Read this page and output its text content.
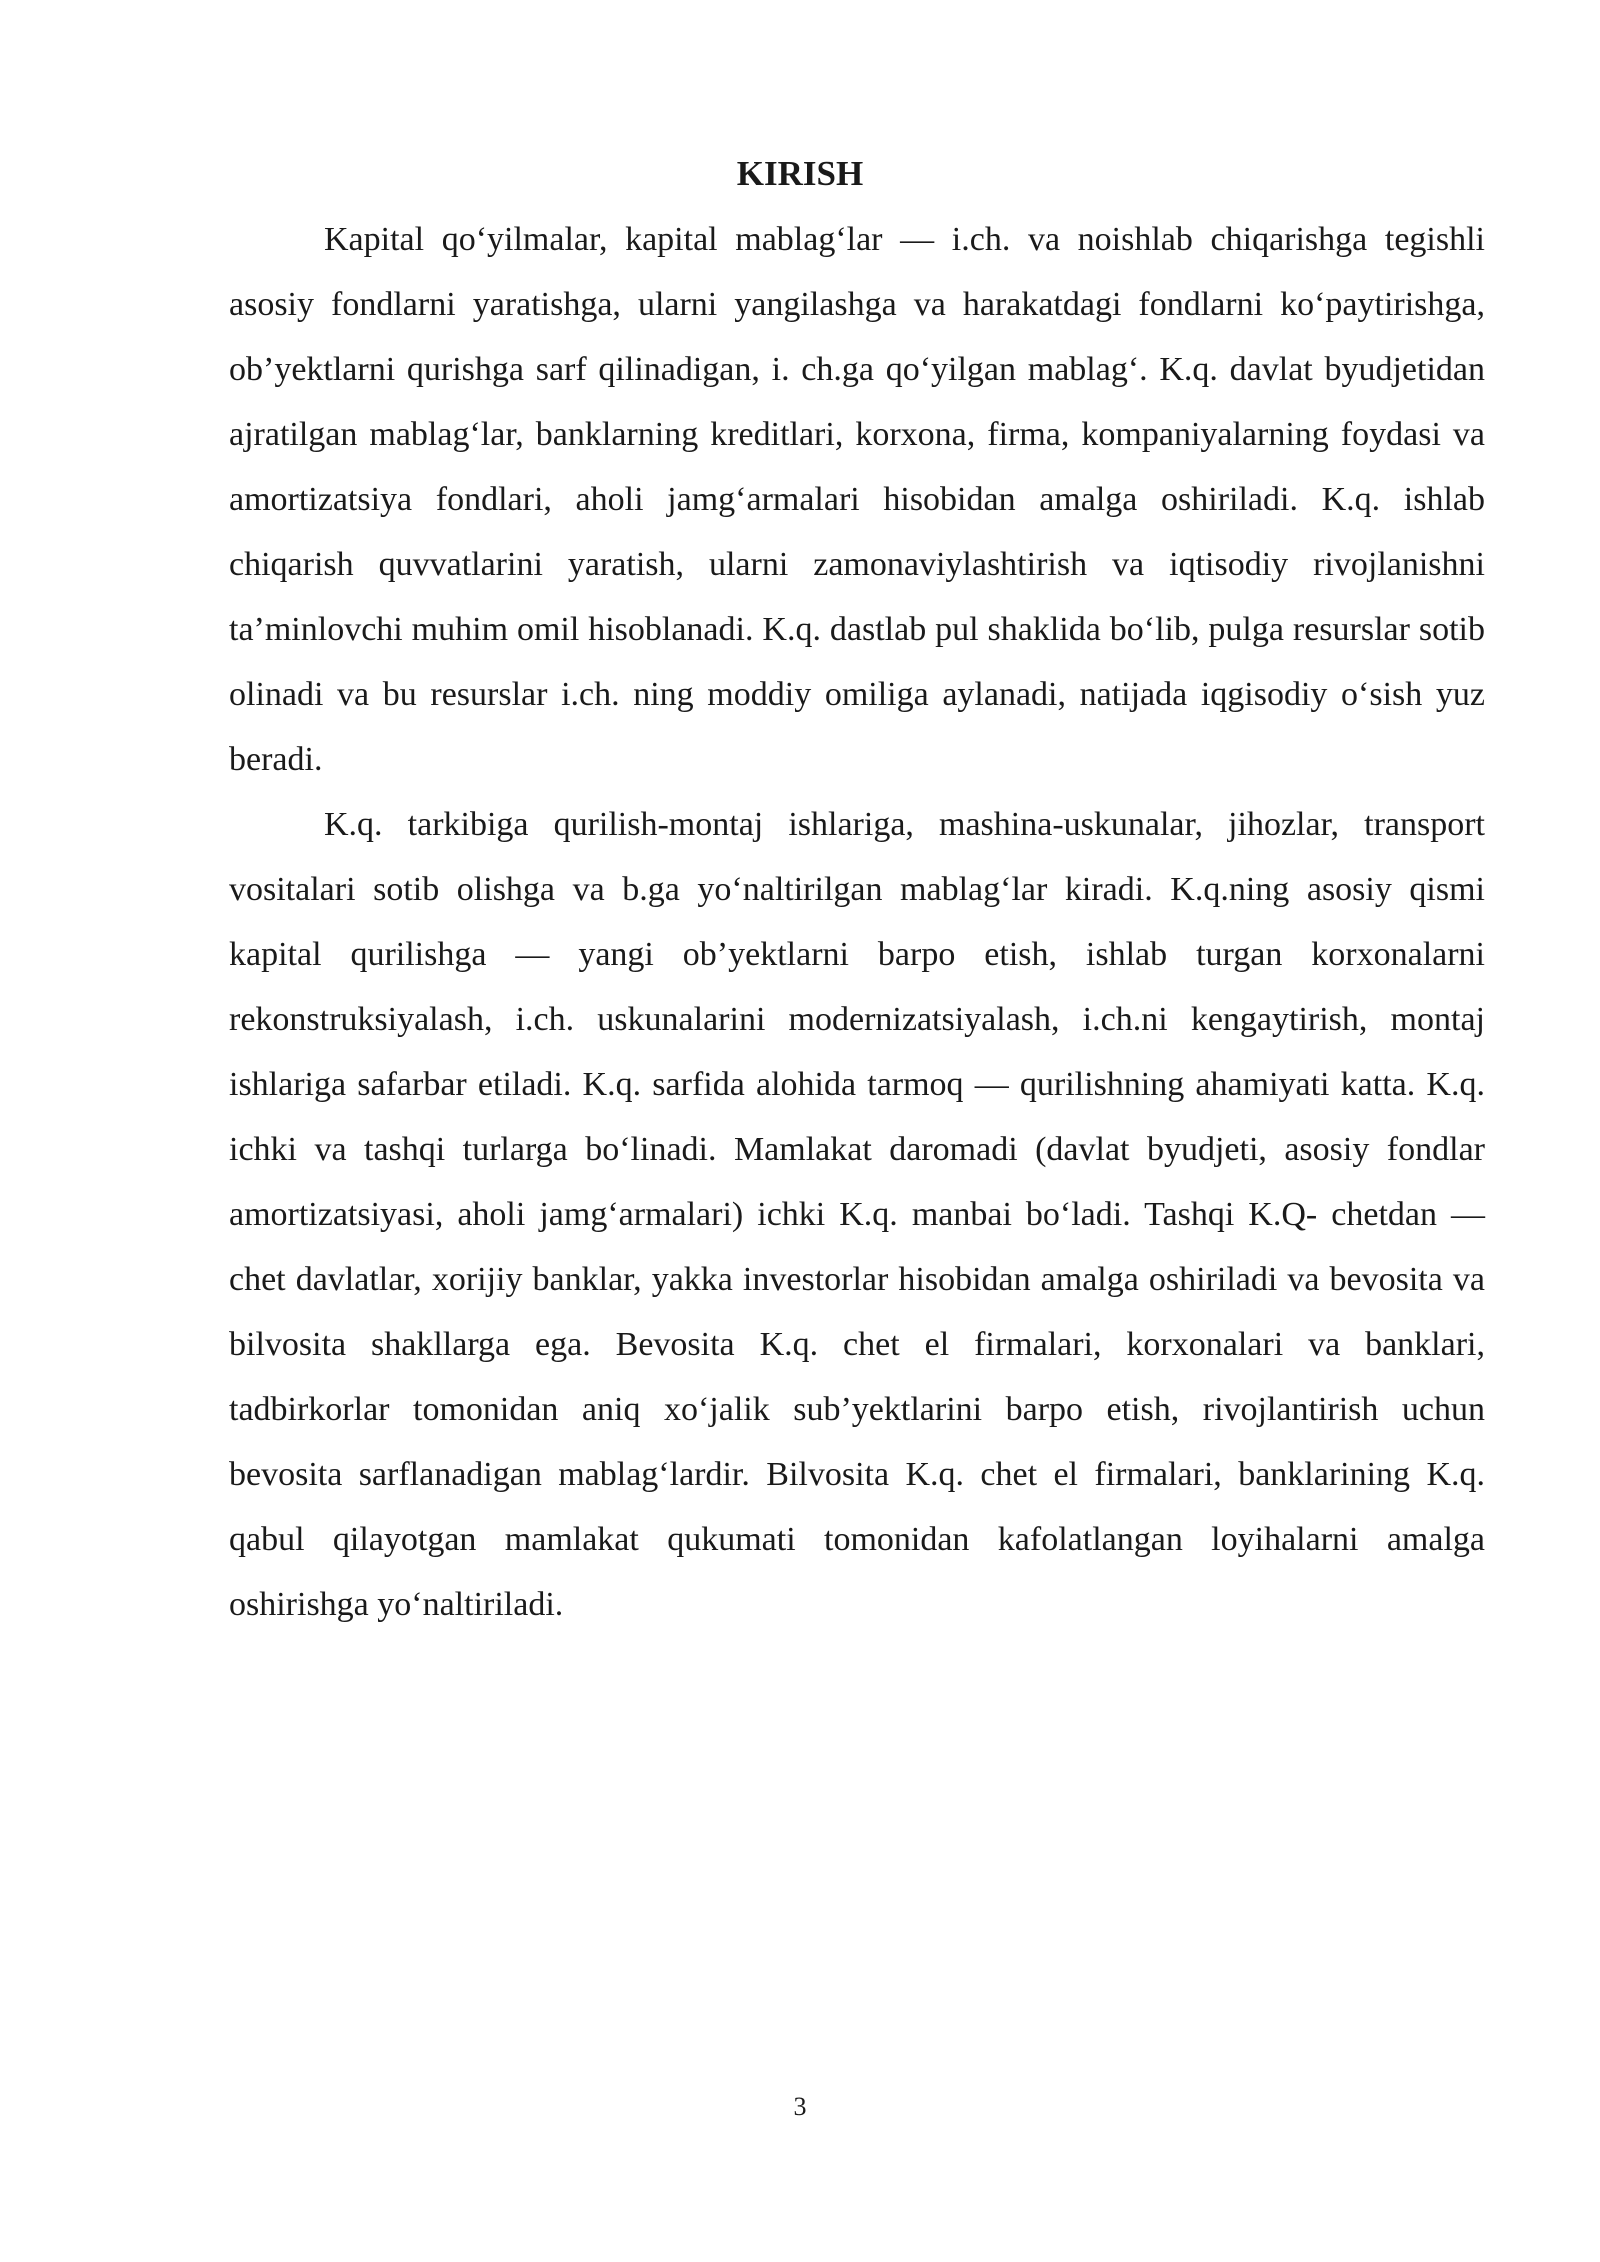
KIRISH

Kapital qo‘yilmalar, kapital mablag‘lar — i.ch. va noishlab chiqarishga tegishli asosiy fondlarni yaratishga, ularni yangilashga va harakatdagi fondlarni ko‘paytirishga, ob’yektlarni qurishga sarf qilinadigan, i. ch.ga qo‘yilgan mablag‘. K.q. davlat byudjetidan ajratilgan mablag‘lar, banklarning kreditlari, korxona, firma, kompaniyalarning foydasi va amortizatsiya fondlari, aholi jamg‘armalari hisobidan amalga oshiriladi. K.q. ishlab chiqarish quvvatlarini yaratish, ularni zamonaviylashtirish va iqtisodiy rivojlanishni ta’minlovchi muhim omil hisoblanadi. K.q. dastlab pul shaklida bo‘lib, pulga resurslar sotib olinadi va bu resurslar i.ch. ning moddiy omiliga aylanadi, natijada iqgisodiy o‘sish yuz beradi.

K.q. tarkibiga qurilish-montaj ishlariga, mashina-uskunalar, jihozlar, transport vositalari sotib olishga va b.ga yo‘naltirilgan mablag‘lar kiradi. K.q.ning asosiy qismi kapital qurilishga — yangi ob’yektlarni barpo etish, ishlab turgan korxonalarni rekonstruksiyalash, i.ch. uskunalarini modernizatsiyalash, i.ch.ni kengaytirish, montaj ishlariga safarbar etiladi. K.q. sarfida alohida tarmoq — qurilishning ahamiyati katta. K.q. ichki va tashqi turlarga bo‘linadi. Mamlakat daromadi (davlat byudjeti, asosiy fondlar amortizatsiyasi, aholi jamg‘armalari) ichki K.q. manbai bo‘ladi. Tashqi K.Q- chetdan — chet davlatlar, xorijiy banklar, yakka investorlar hisobidan amalga oshiriladi va bevosita va bilvosita shakllarga ega. Bevosita K.q. chet el firmalari, korxonalari va banklari, tadbirkorlar tomonidan aniq xo‘jalik sub’yektlarini barpo etish, rivojlantirish uchun bevosita sarflanadigan mablag‘lardir. Bilvosita K.q. chet el firmalari, banklarining K.q. qabul qilayotgan mamlakat qukumati tomonidan kafolatlangan loyihalarni amalga oshirishga yo‘naltiriladi.

3
